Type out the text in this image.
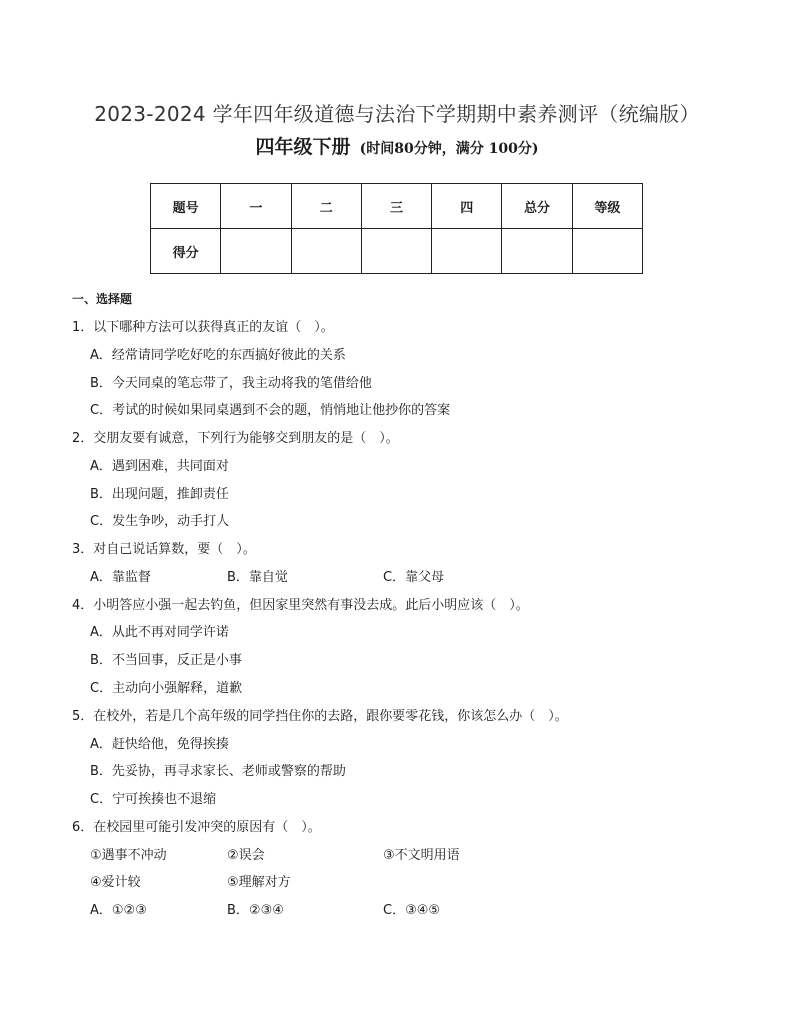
2023-2024 学年四年级道德与法治下学期期中素养测评（统编版）
四年级下册 (时间80分钟，满分 100分)
题号	一	二	三	四	总分	等级
得分						
一、选择题
1．以下哪种方法可以获得真正的友谊（　）。
A．经常请同学吃好吃的东西搞好彼此的关系
B．今天同桌的笔忘带了，我主动将我的笔借给他
C．考试的时候如果同桌遇到不会的题，悄悄地让他抄你的答案
2．交朋友要有诚意，下列行为能够交到朋友的是（　）。
A．遇到困难，共同面对
B．出现问题，推卸责任
C．发生争吵，动手打人
3．对自己说话算数，要（　）。
A．靠监督	B．靠自觉	C．靠父母
4．小明答应小强一起去钓鱼，但因家里突然有事没去成。此后小明应该（　）。
A．从此不再对同学许诺
B．不当回事，反正是小事
C．主动向小强解释，道歉
5．在校外，若是几个高年级的同学挡住你的去路，跟你要零花钱，你该怎么办（　）。
A．赶快给他，免得挨揍
B．先妥协，再寻求家长、老师或警察的帮助
C．宁可挨揍也不退缩
6．在校园里可能引发冲突的原因有（　）。
①遇事不冲动	②误会	③不文明用语
④爱计较	⑤理解对方
A．①②③	B．②③④	C．③④⑤
